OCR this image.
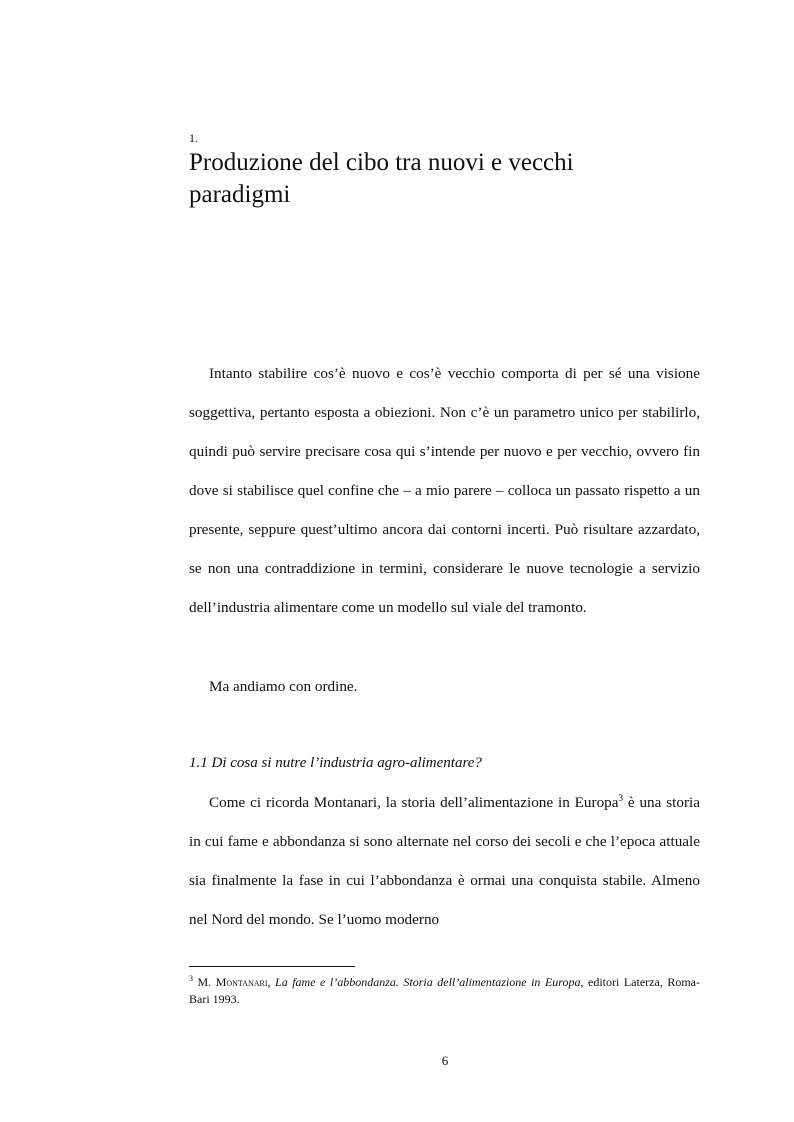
1.
Produzione del cibo tra nuovi e vecchi paradigmi

Intanto stabilire cos’è nuovo e cos’è vecchio comporta di per sé una visione soggettiva, pertanto esposta a obiezioni. Non c’è un parametro unico per stabilirlo, quindi può servire precisare cosa qui s’intende per nuovo e per vecchio, ovvero fin dove si stabilisce quel confine che – a mio parere – colloca un passato rispetto a un presente, seppure quest’ultimo ancora dai contorni incerti. Può risultare azzardato, se non una contraddizione in termini, considerare le nuove tecnologie a servizio dell’industria alimentare come un modello sul viale del tramonto.

Ma andiamo con ordine.

1.1 Di cosa si nutre l’industria agro-alimentare?

Come ci ricorda Montanari, la storia dell’alimentazione in Europa$^3$ è una storia in cui fame e abbondanza si sono alternate nel corso dei secoli e che l’epoca attuale sia finalmente la fase in cui l’abbondanza è ormai una conquista stabile. Almeno nel Nord del mondo. Se l’uomo moderno

$^3$ M. Montanari, La fame e l’abbondanza. Storia dell’alimentazione in Europa, editori Laterza, Roma-Bari 1993.

6
